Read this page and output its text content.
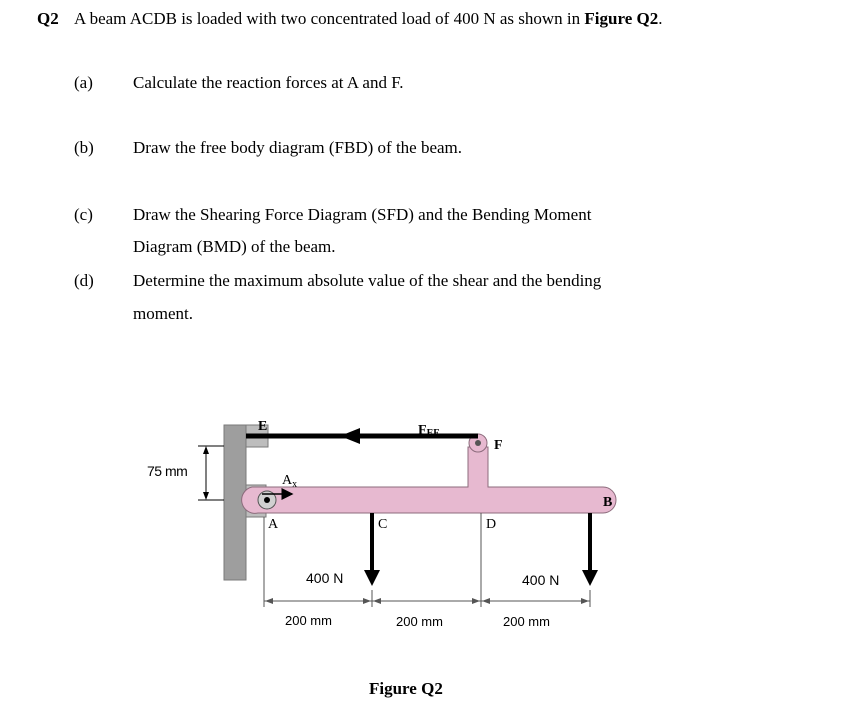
Q2 A beam ACDB is loaded with two concentrated load of 400 N as shown in Figure Q2.
(a) Calculate the reaction forces at A and F.
(b) Draw the free body diagram (FBD) of the beam.
(c) Draw the Shearing Force Diagram (SFD) and the Bending Moment
Diagram (BMD) of the beam.
(d) Determine the maximum absolute value of the shear and the bending
moment.
E
A	C	D
F
B
FEF
$A_x$
75 mm
400 N	400 N
200 mm	200 mm	200 mm
Figure Q2
